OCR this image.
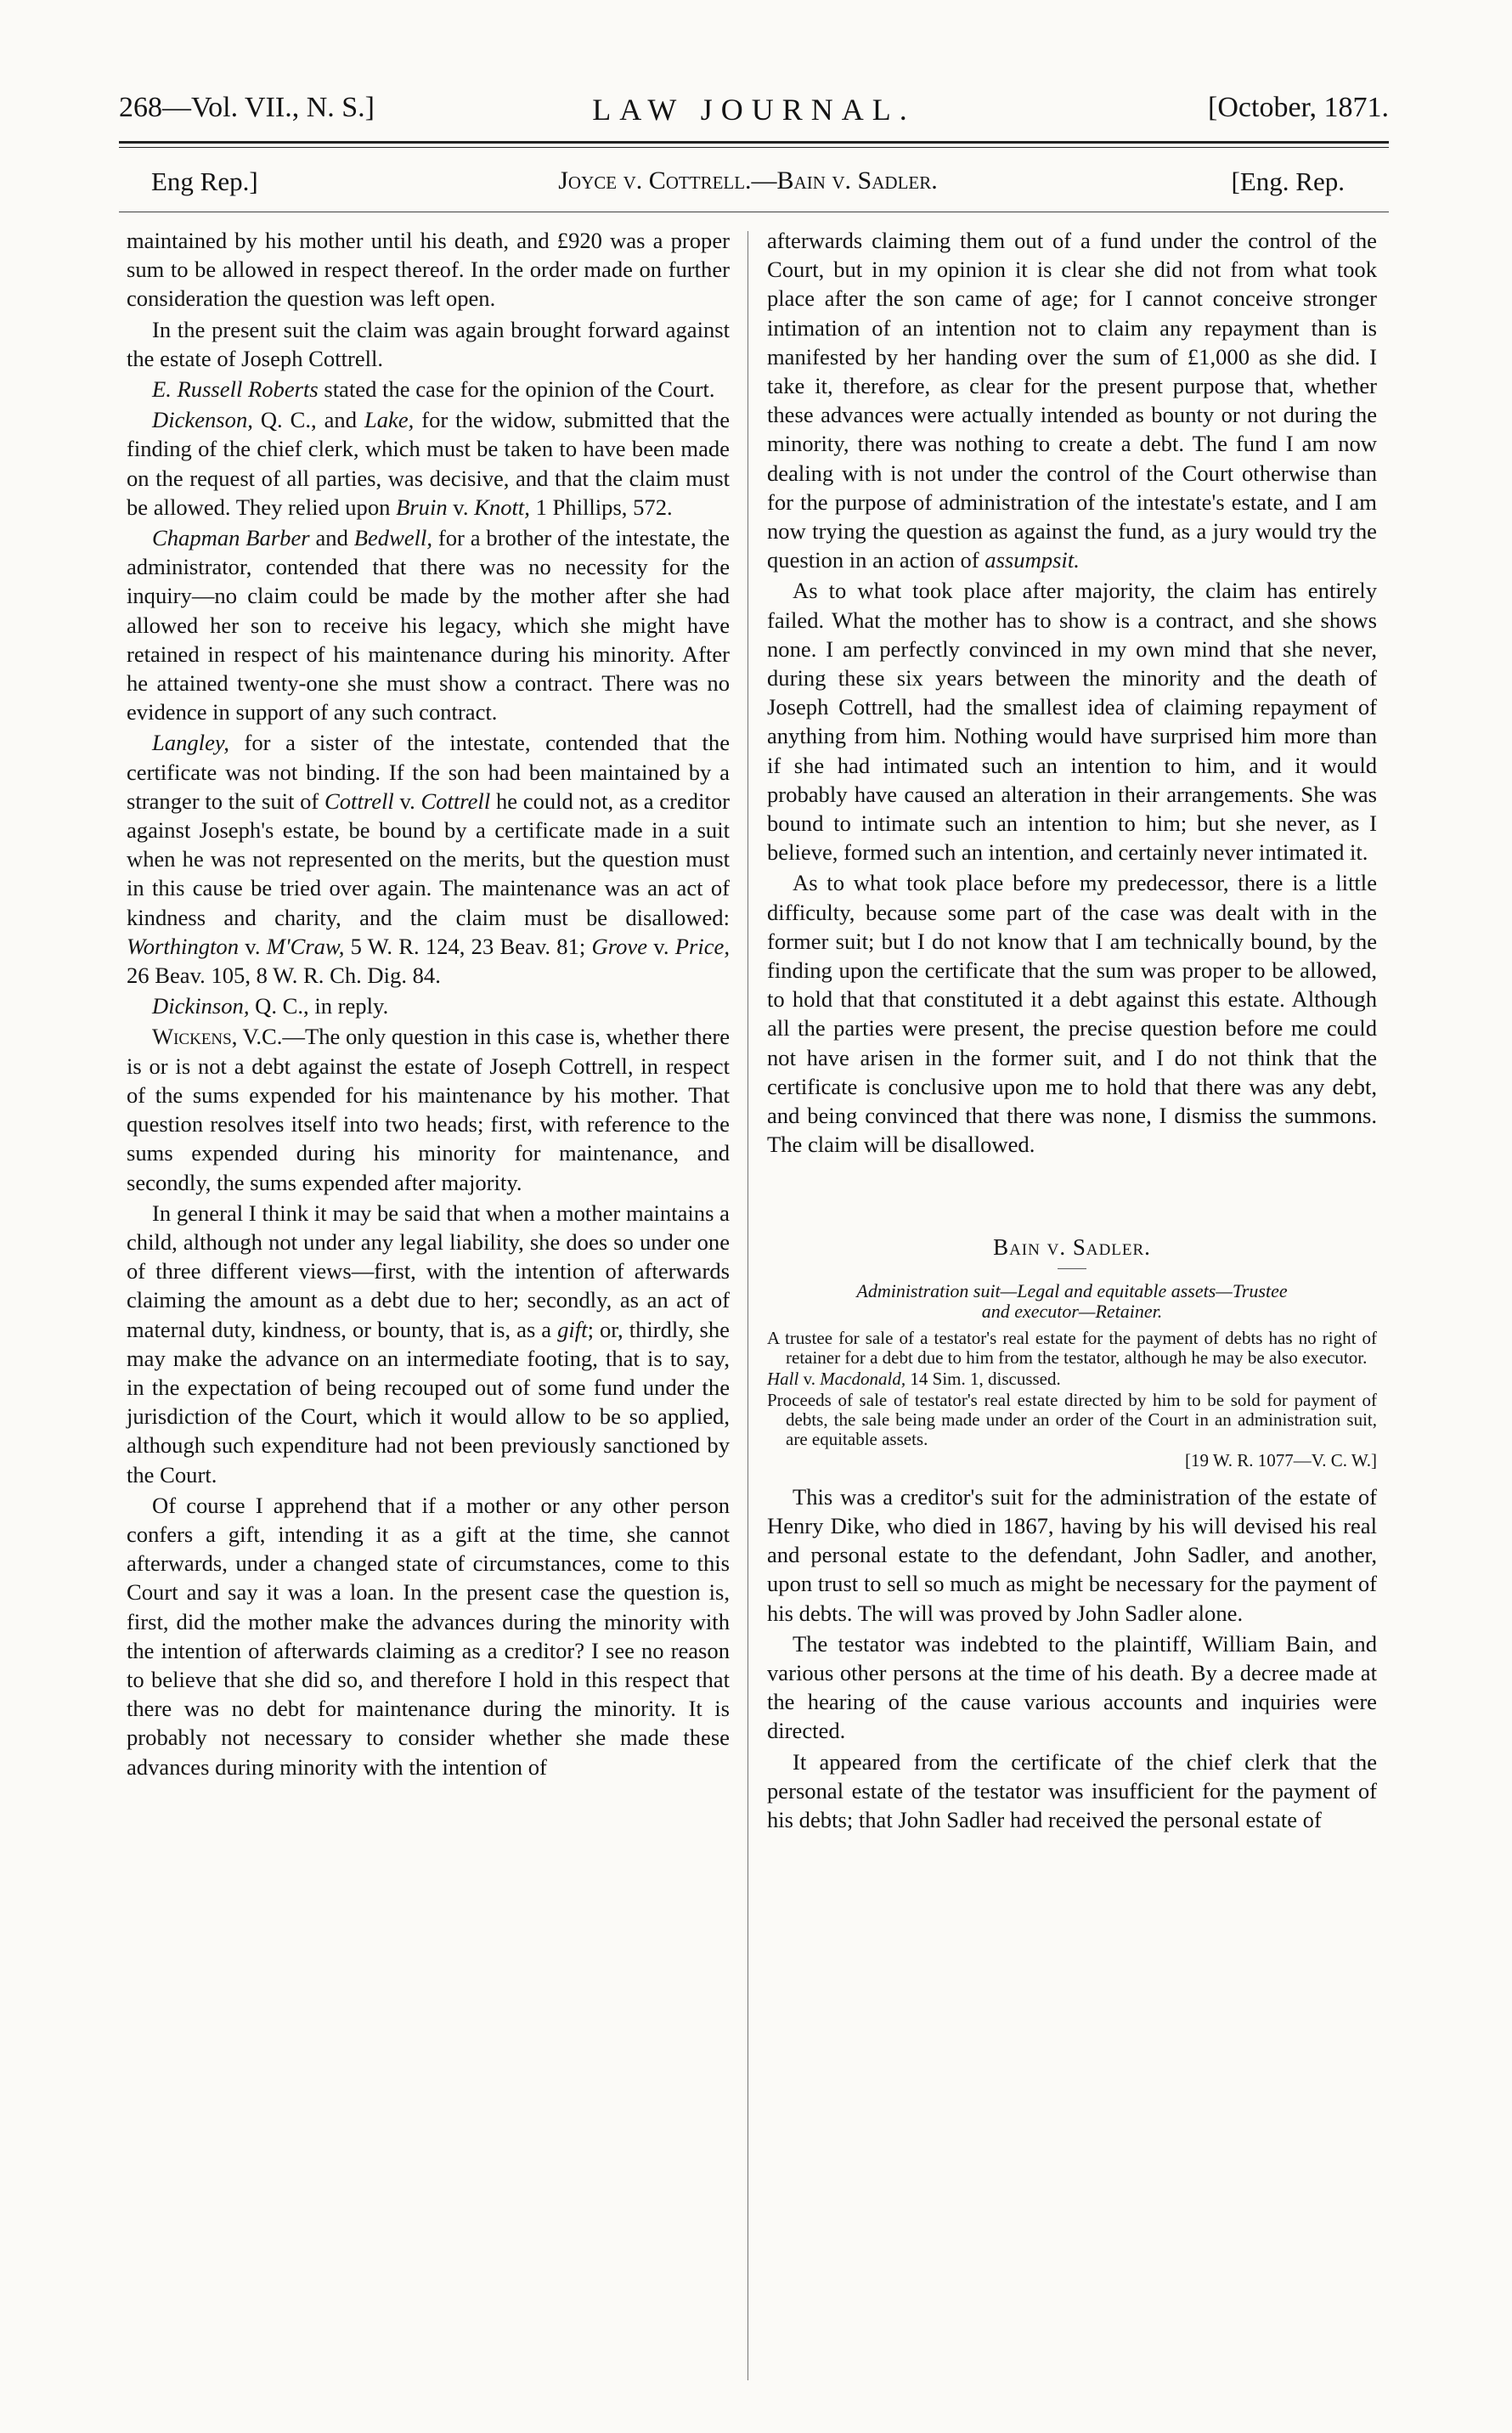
268—Vol. VII., N. S.]	LAW JOURNAL.	[October, 1871.
Eng Rep.]	Joyce v. Cottrell.—Bain v. Sadler.	[Eng. Rep.

maintained by his mother until his death, and £920 was a proper sum to be allowed in respect thereof. In the order made on further consideration the question was left open.

In the present suit the claim was again brought forward against the estate of Joseph Cottrell.

E. Russell Roberts stated the case for the opinion of the Court.

Dickenson, Q. C., and Lake, for the widow, submitted that the finding of the chief clerk, which must be taken to have been made on the request of all parties, was decisive, and that the claim must be allowed. They relied upon Bruin v. Knott, 1 Phillips, 572.

Chapman Barber and Bedwell, for a brother of the intestate, the administrator, contended that there was no necessity for the inquiry—no claim could be made by the mother after she had allowed her son to receive his legacy, which she might have retained in respect of his maintenance during his minority. After he attained twenty-one she must show a contract. There was no evidence in support of any such contract.

Langley, for a sister of the intestate, contended that the certificate was not binding. If the son had been maintained by a stranger to the suit of Cottrell v. Cottrell he could not, as a creditor against Joseph's estate, be bound by a certificate made in a suit when he was not represented on the merits, but the question must in this cause be tried over again. The maintenance was an act of kindness and charity, and the claim must be disallowed: Worthington v. M'Craw, 5 W. R. 124, 23 Beav. 81; Grove v. Price, 26 Beav. 105, 8 W. R. Ch. Dig. 84.

Dickinson, Q. C., in reply.

Wickens, V.C.—The only question in this case is, whether there is or is not a debt against the estate of Joseph Cottrell, in respect of the sums expended for his maintenance by his mother. That question resolves itself into two heads; first, with reference to the sums expended during his minority for maintenance, and secondly, the sums expended after majority.

In general I think it may be said that when a mother maintains a child, although not under any legal liability, she does so under one of three different views—first, with the intention of afterwards claiming the amount as a debt due to her; secondly, as an act of maternal duty, kindness, or bounty, that is, as a gift; or, thirdly, she may make the advance on an intermediate footing, that is to say, in the expectation of being recouped out of some fund under the jurisdiction of the Court, which it would allow to be so applied, although such expenditure had not been previously sanctioned by the Court.

Of course I apprehend that if a mother or any other person confers a gift, intending it as a gift at the time, she cannot afterwards, under a changed state of circumstances, come to this Court and say it was a loan. In the present case the question is, first, did the mother make the advances during the minority with the intention of afterwards claiming as a creditor? I see no reason to believe that she did so, and therefore I hold in this respect that there was no debt for maintenance during the minority. It is probably not necessary to consider whether she made these advances during minority with the intention of

afterwards claiming them out of a fund under the control of the Court, but in my opinion it is clear she did not from what took place after the son came of age; for I cannot conceive stronger intimation of an intention not to claim any repayment than is manifested by her handing over the sum of £1,000 as she did. I take it, therefore, as clear for the present purpose that, whether these advances were actually intended as bounty or not during the minority, there was nothing to create a debt. The fund I am now dealing with is not under the control of the Court otherwise than for the purpose of administration of the intestate's estate, and I am now trying the question as against the fund, as a jury would try the question in an action of assumpsit.

As to what took place after majority, the claim has entirely failed. What the mother has to show is a contract, and she shows none. I am perfectly convinced in my own mind that she never, during these six years between the minority and the death of Joseph Cottrell, had the smallest idea of claiming repayment of anything from him. Nothing would have surprised him more than if she had intimated such an intention to him, and it would probably have caused an alteration in their arrangements. She was bound to intimate such an intention to him; but she never, as I believe, formed such an intention, and certainly never intimated it.

As to what took place before my predecessor, there is a little difficulty, because some part of the case was dealt with in the former suit; but I do not know that I am technically bound, by the finding upon the certificate that the sum was proper to be allowed, to hold that that constituted it a debt against this estate. Although all the parties were present, the precise question before me could not have arisen in the former suit, and I do not think that the certificate is conclusive upon me to hold that there was any debt, and being convinced that there was none, I dismiss the summons. The claim will be disallowed.

Bain v. Sadler.

Administration suit—Legal and equitable assets—Trustee
and executor—Retainer.

A trustee for sale of a testator's real estate for the payment of debts has no right of retainer for a debt due to him from the testator, although he may be also executor.

Hall v. Macdonald, 14 Sim. 1, discussed.

Proceeds of sale of testator's real estate directed by him to be sold for payment of debts, the sale being made under an order of the Court in an administration suit, are equitable assets.

[19 W. R. 1077—V. C. W.]

This was a creditor's suit for the administration of the estate of Henry Dike, who died in 1867, having by his will devised his real and personal estate to the defendant, John Sadler, and another, upon trust to sell so much as might be necessary for the payment of his debts. The will was proved by John Sadler alone.

The testator was indebted to the plaintiff, William Bain, and various other persons at the time of his death. By a decree made at the hearing of the cause various accounts and inquiries were directed.

It appeared from the certificate of the chief clerk that the personal estate of the testator was insufficient for the payment of his debts; that John Sadler had received the personal estate of
